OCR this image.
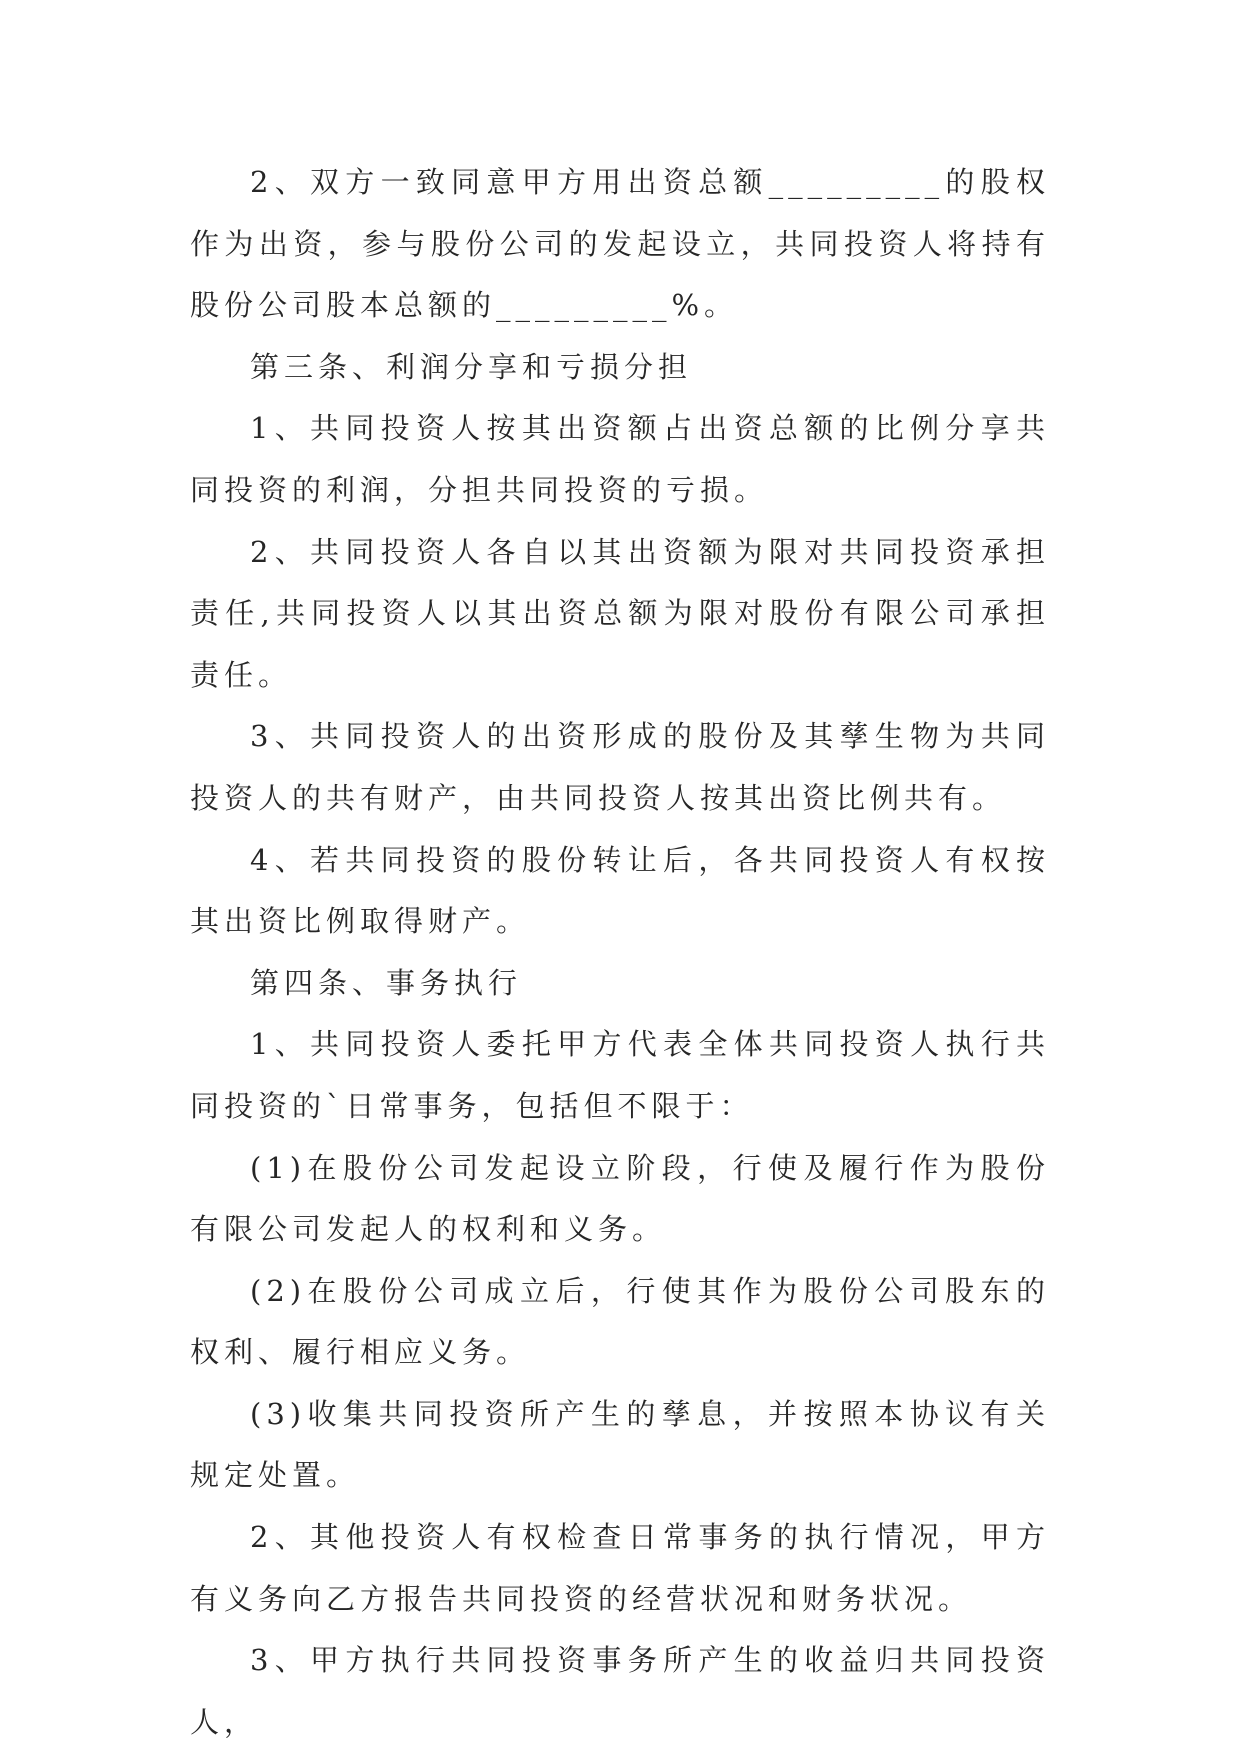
2、双方一致同意甲方用出资总额_________的股权作为出资，参与股份公司的发起设立，共同投资人将持有股份公司股本总额的_________%。

第三条、利润分享和亏损分担

1、共同投资人按其出资额占出资总额的比例分享共同投资的利润，分担共同投资的亏损。

2、共同投资人各自以其出资额为限对共同投资承担责任,共同投资人以其出资总额为限对股份有限公司承担责任。

3、共同投资人的出资形成的股份及其孳生物为共同投资人的共有财产，由共同投资人按其出资比例共有。

4、若共同投资的股份转让后，各共同投资人有权按其出资比例取得财产。

第四条、事务执行

1、共同投资人委托甲方代表全体共同投资人执行共同投资的`日常事务，包括但不限于：

(1)在股份公司发起设立阶段，行使及履行作为股份有限公司发起人的权利和义务。

(2)在股份公司成立后，行使其作为股份公司股东的权利、履行相应义务。

(3)收集共同投资所产生的孳息，并按照本协议有关规定处置。

2、其他投资人有权检查日常事务的执行情况，甲方有义务向乙方报告共同投资的经营状况和财务状况。

3、甲方执行共同投资事务所产生的收益归共同投资人，
